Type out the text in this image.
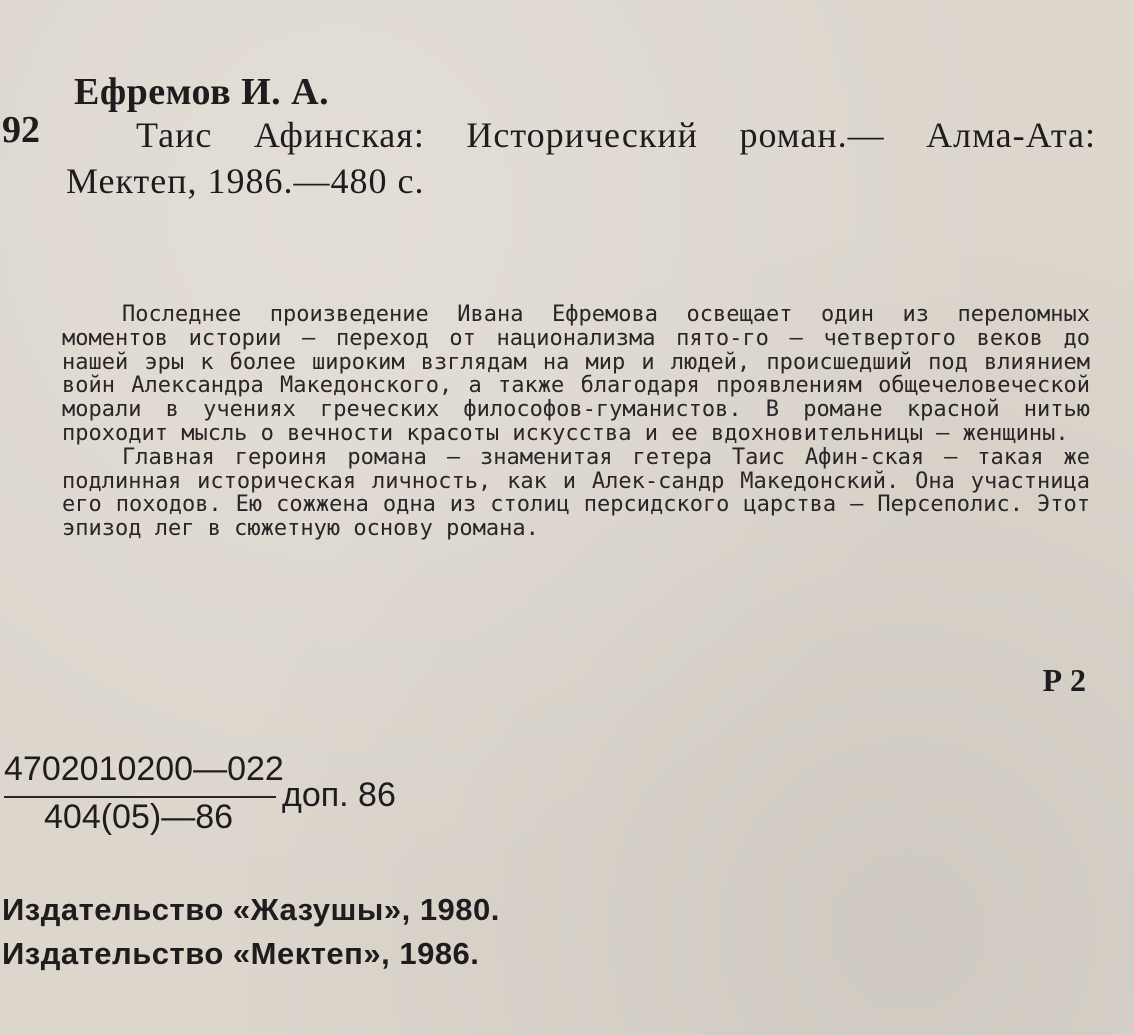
Ефремов И. А.
92	Таис Афинская: Исторический роман.— Алма-Ата: Мектеп, 1986.—480 с.

Последнее произведение Ивана Ефремова освещает один из переломных моментов истории — переход от национализма пято-го — четвертого веков до нашей эры к более широким взглядам на мир и людей, происшедший под влиянием войн Александра Македонского, а также благодаря проявлениям общечеловеческой морали в учениях греческих философов-гуманистов. В романе красной нитью проходит мысль о вечности красоты искусства и ее вдохновительницы — женщины.

Главная героиня романа — знаменитая гетера Таис Афин-ская — такая же подлинная историческая личность, как и Алек-сандр Македонский. Она участница его походов. Ею сожжена одна из столиц персидского царства — Персеполис. Этот эпизод лег в сюжетную основу романа.

Р 2
4702010200—022
404(05)—86
доп. 86
Издательство «Жазушы», 1980.
Издательство «Мектеп», 1986.
